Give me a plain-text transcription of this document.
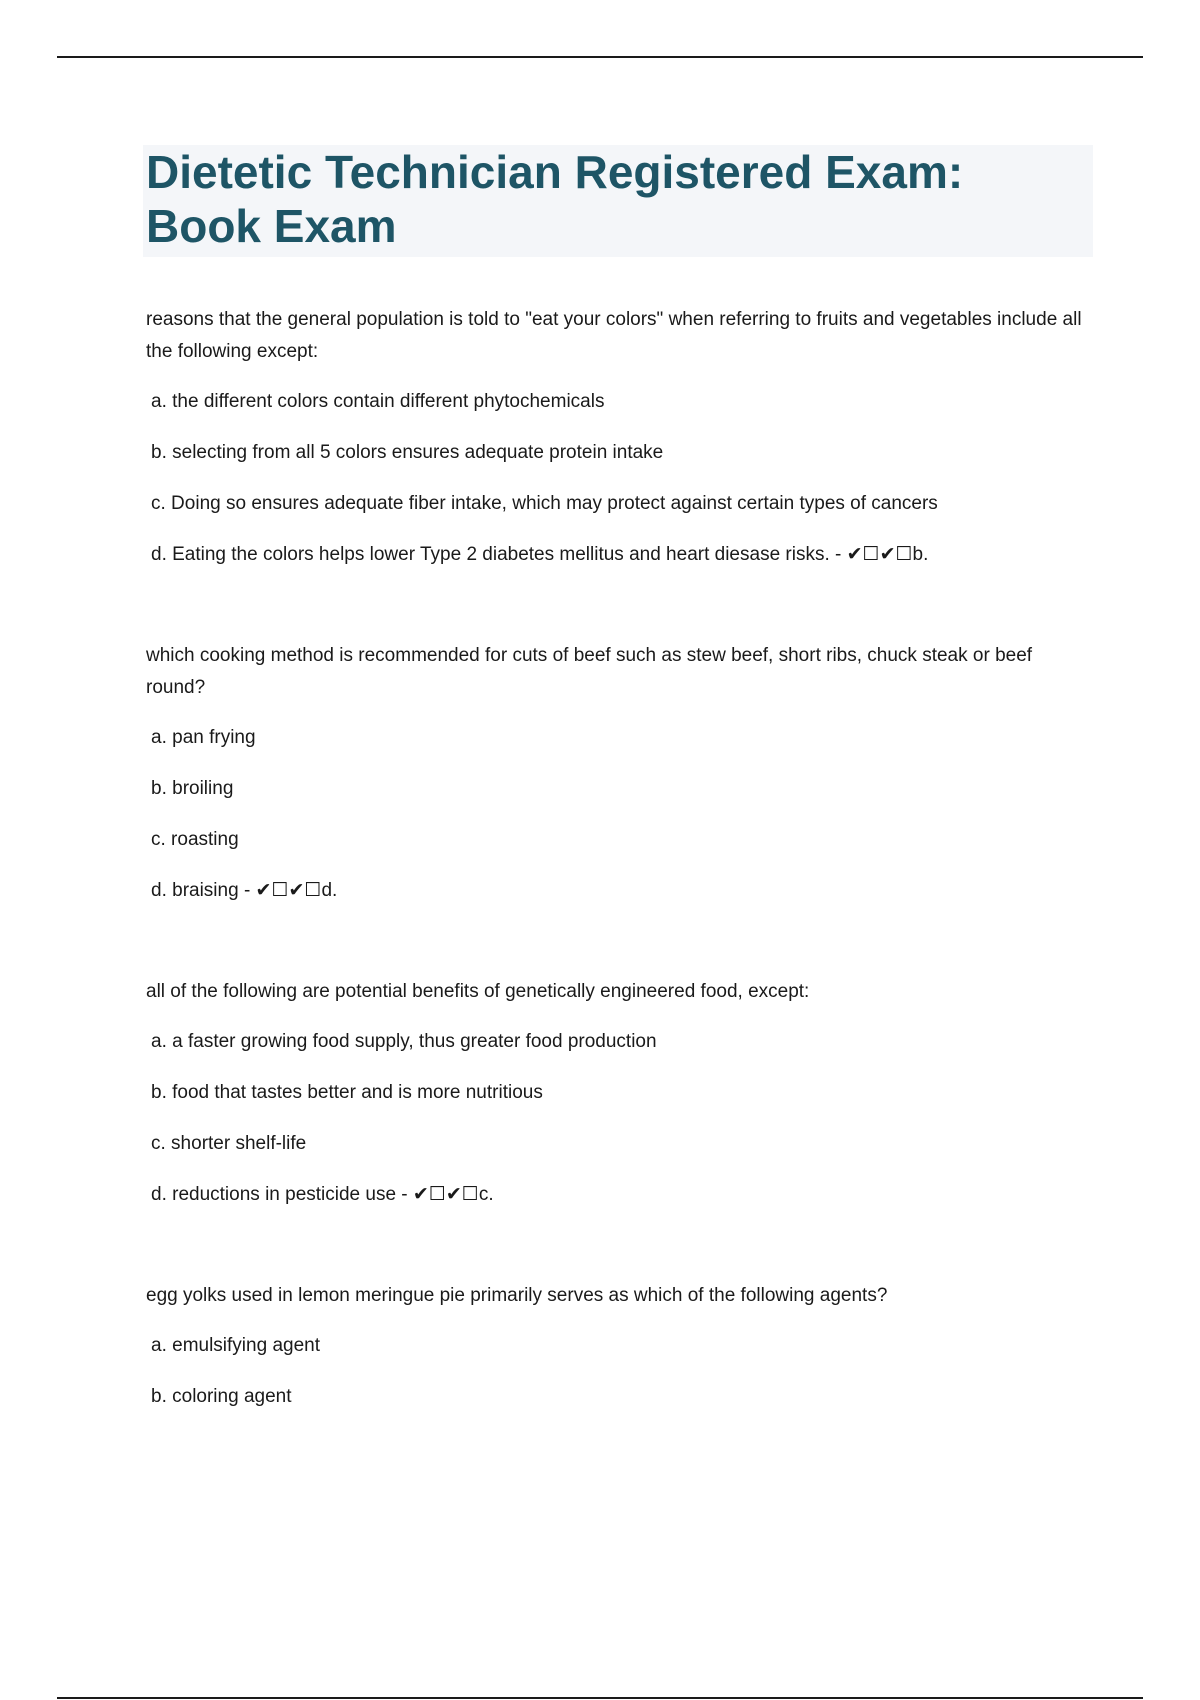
Dietetic Technician Registered Exam:
Book Exam

reasons that the general population is told to "eat your colors" when referring to fruits and vegetables include all the following except:

a. the different colors contain different phytochemicals

b. selecting from all 5 colors ensures adequate protein intake

c. Doing so ensures adequate fiber intake, which may protect against certain types of cancers

d. Eating the colors helps lower Type 2 diabetes mellitus and heart diesase risks. - ✔☐✔☐b.

which cooking method is recommended for cuts of beef such as stew beef, short ribs, chuck steak or beef round?

a. pan frying

b. broiling

c. roasting

d. braising - ✔☐✔☐d.

all of the following are potential benefits of genetically engineered food, except:

a. a faster growing food supply, thus greater food production

b. food that tastes better and is more nutritious

c. shorter shelf-life

d. reductions in pesticide use - ✔☐✔☐c.

egg yolks used in lemon meringue pie primarily serves as which of the following agents?

a. emulsifying agent

b. coloring agent
